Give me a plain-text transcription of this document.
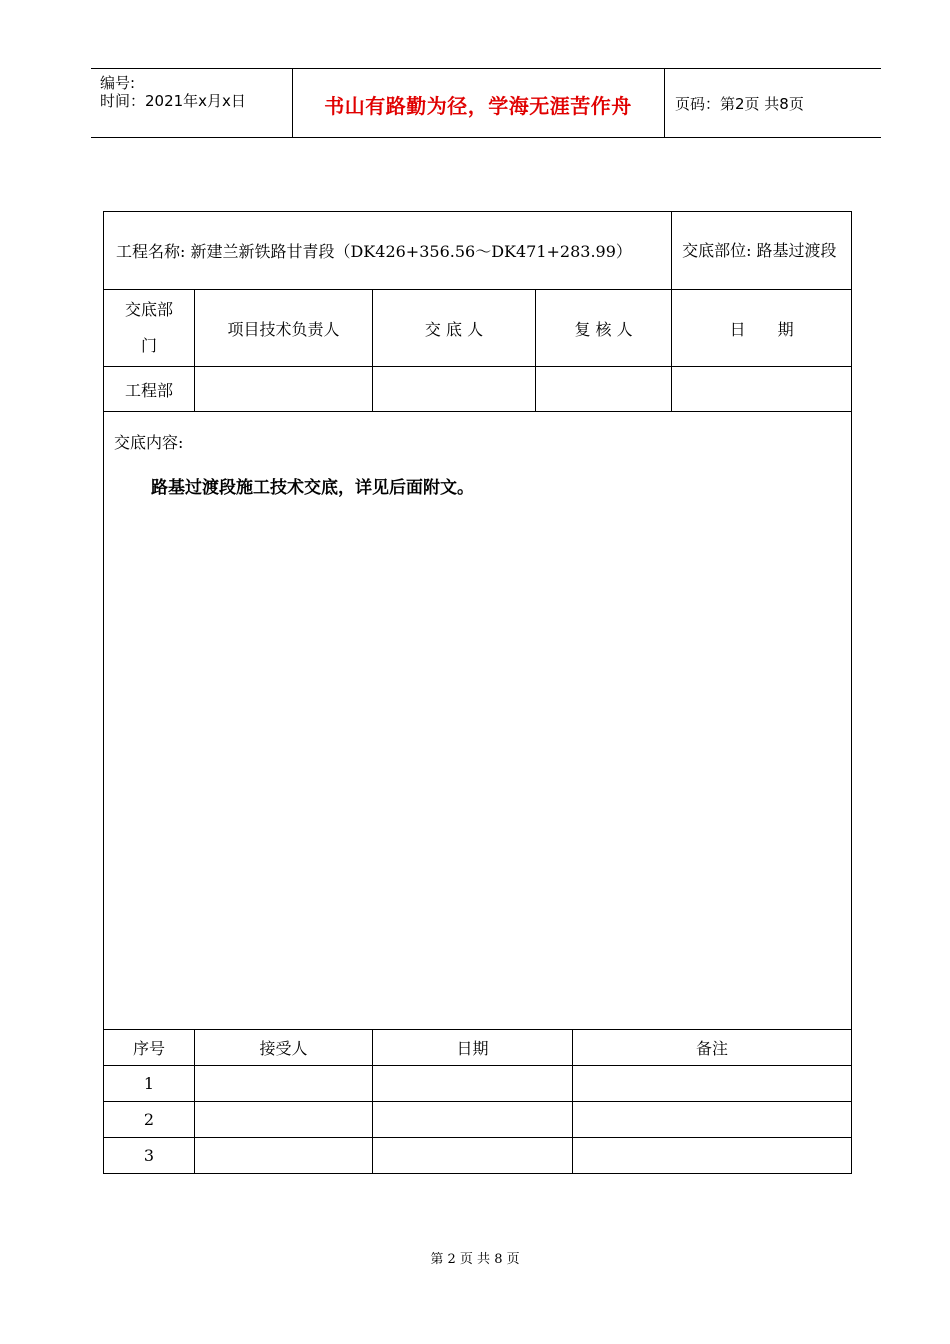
编号:
时间：2021年x月x日	书山有路勤为径，学海无涯苦作舟	页码：第2页 共8页
工程名称: 新建兰新铁路甘青段（DK426+356.56～DK471+283.99）					交底部位: 路基过渡段
交底部门	项目技术负责人	交 底 人	复 核 人		日　　期
工程部					

交底内容:
路基过渡段施工技术交底，详见后面附文。					

序号	接受人	日期		备注	
1					
2					
3					
第 2 页 共 8 页
